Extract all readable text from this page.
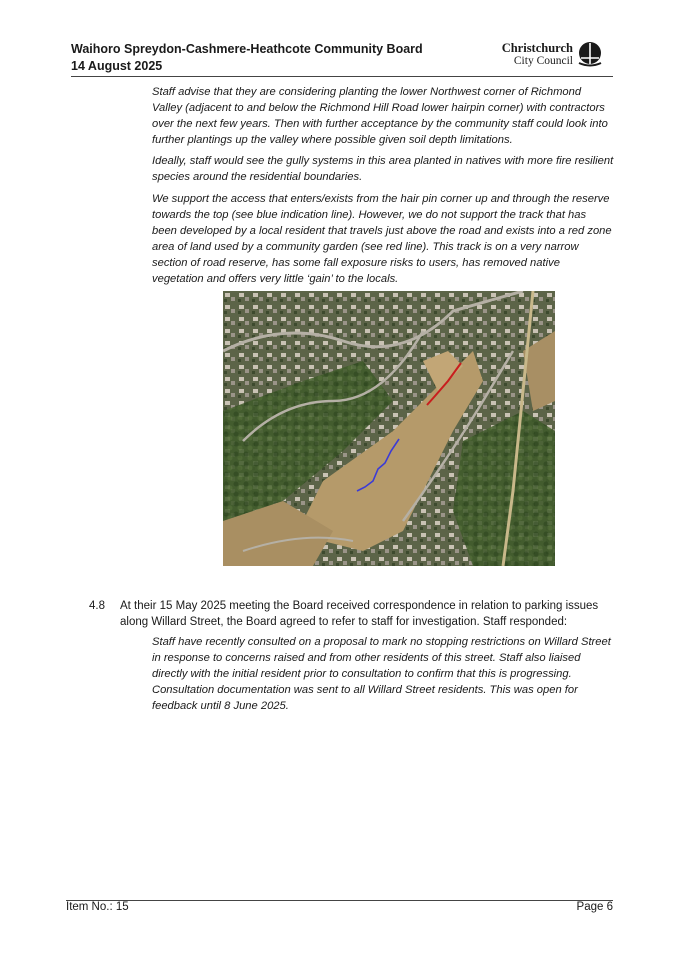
Waihoro Spreydon-Cashmere-Heathcote Community Board
14 August 2025
Christchurch
City Council

Staff advise that they are considering planting the lower Northwest corner of Richmond Valley (adjacent to and below the Richmond Hill Road lower hairpin corner) with contractors over the next few years. Then with further acceptance by the community staff could look into further plantings up the valley where possible given soil depth limitations.

Ideally, staff would see the gully systems in this area planted in natives with more fire resilient species around the residential boundaries.

We support the access that enters/exists from the hair pin corner up and through the reserve towards the top (see blue indication line). However, we do not support the track that has been developed by a local resident that travels just above the road and exists into a red zone area of land used by a community garden (see red line). This track is on a very narrow section of road reserve, has some fall exposure risks to users, has removed native vegetation and offers very little ‘gain’ to the locals.

4.8 At their 15 May 2025 meeting the Board received correspondence in relation to parking issues along Willard Street, the Board agreed to refer to staff for investigation. Staff responded:

Staff have recently consulted on a proposal to mark no stopping restrictions on Willard Street in response to concerns raised and from other residents of this street. Staff also liaised directly with the initial resident prior to consultation to confirm that this is progressing. Consultation documentation was sent to all Willard Street residents. This was open for feedback until 8 June 2025.

Item No.: 15	Page 6
